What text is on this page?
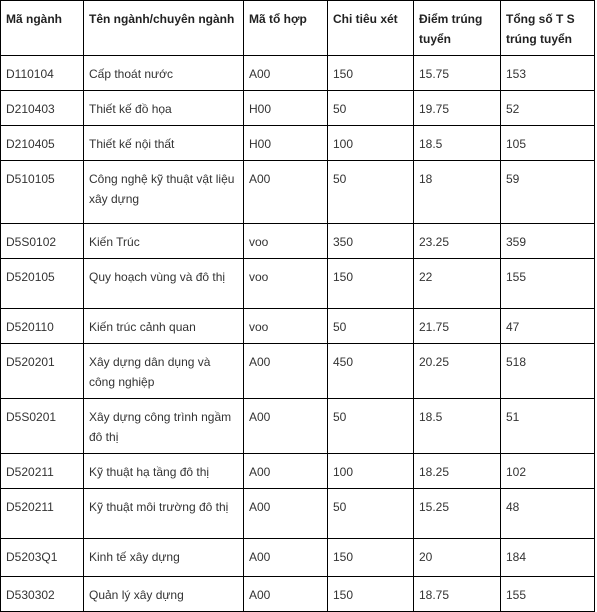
Mã ngành	Tên ngành/chuyên ngành	Mã tổ hợp	Chi tiêu xét	Điểm trúng tuyển	Tổng số T S trúng tuyển
D110104	Cấp thoát nước	A00	150	15.75	153
D210403	Thiết kế đồ họa	H00	50	19.75	52
D210405	Thiết kế nội thất	H00	100	18.5	105
D510105	Công nghệ kỹ thuật vật liệu xây dựng	A00	50	18	59
D5S0102	Kiến Trúc	voo	350	23.25	359
D520105	Quy hoạch vùng và đô thị	voo	150	22	155
D520110	Kiến trúc cảnh quan	voo	50	21.75	47
D520201	Xây dựng dân dụng và công nghiệp	A00	450	20.25	518
D5S0201	Xây dựng công trình ngầm đô thị	A00	50	18.5	51
D520211	Kỹ thuật hạ tầng đô thị	A00	100	18.25	102
D520211	Kỹ thuật môi trường đô thị	A00	50	15.25	48
D5203Q1	Kinh tế xây dựng	A00	150	20	184
D530302	Quản lý xây dựng	A00	150	18.75	155
